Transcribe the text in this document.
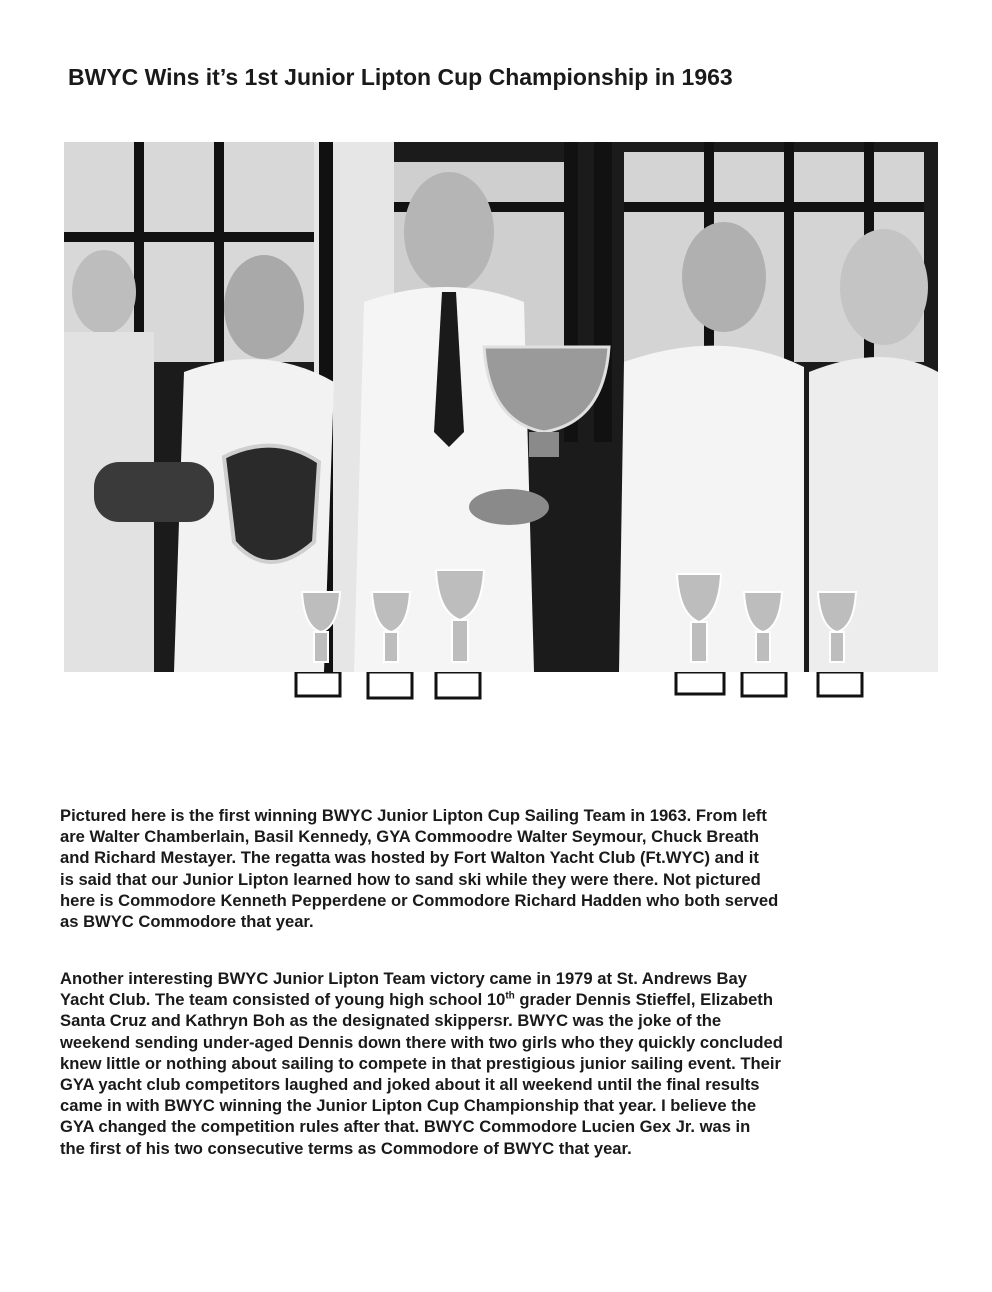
BWYC Wins it’s 1st Junior Lipton Cup Championship in 1963

Pictured here is the first winning BWYC Junior Lipton Cup Sailing Team in 1963. From left
are Walter Chamberlain, Basil Kennedy, GYA Commoodre Walter Seymour, Chuck Breath
and Richard Mestayer. The regatta was hosted by Fort Walton Yacht Club (Ft.WYC) and it
is said that our Junior Lipton learned how to sand ski while they were there. Not pictured
here is Commodore Kenneth Pepperdene or Commodore Richard Hadden who both served
as BWYC Commodore that year.

Another interesting BWYC Junior Lipton Team victory came in 1979 at St. Andrews Bay
Yacht Club. The team consisted of young high school 10th grader Dennis Stieffel, Elizabeth
Santa Cruz and Kathryn Boh as the designated skippersr. BWYC was the joke of the
weekend sending under-aged Dennis down there with two girls who they quickly concluded
knew little or nothing about sailing to compete in that prestigious junior sailing event. Their
GYA yacht club competitors laughed and joked about it all weekend until the final results
came in with BWYC winning the Junior Lipton Cup Championship that year. I believe the
GYA changed the competition rules after that. BWYC Commodore Lucien Gex Jr. was in
the first of his two consecutive terms as Commodore of BWYC that year.
